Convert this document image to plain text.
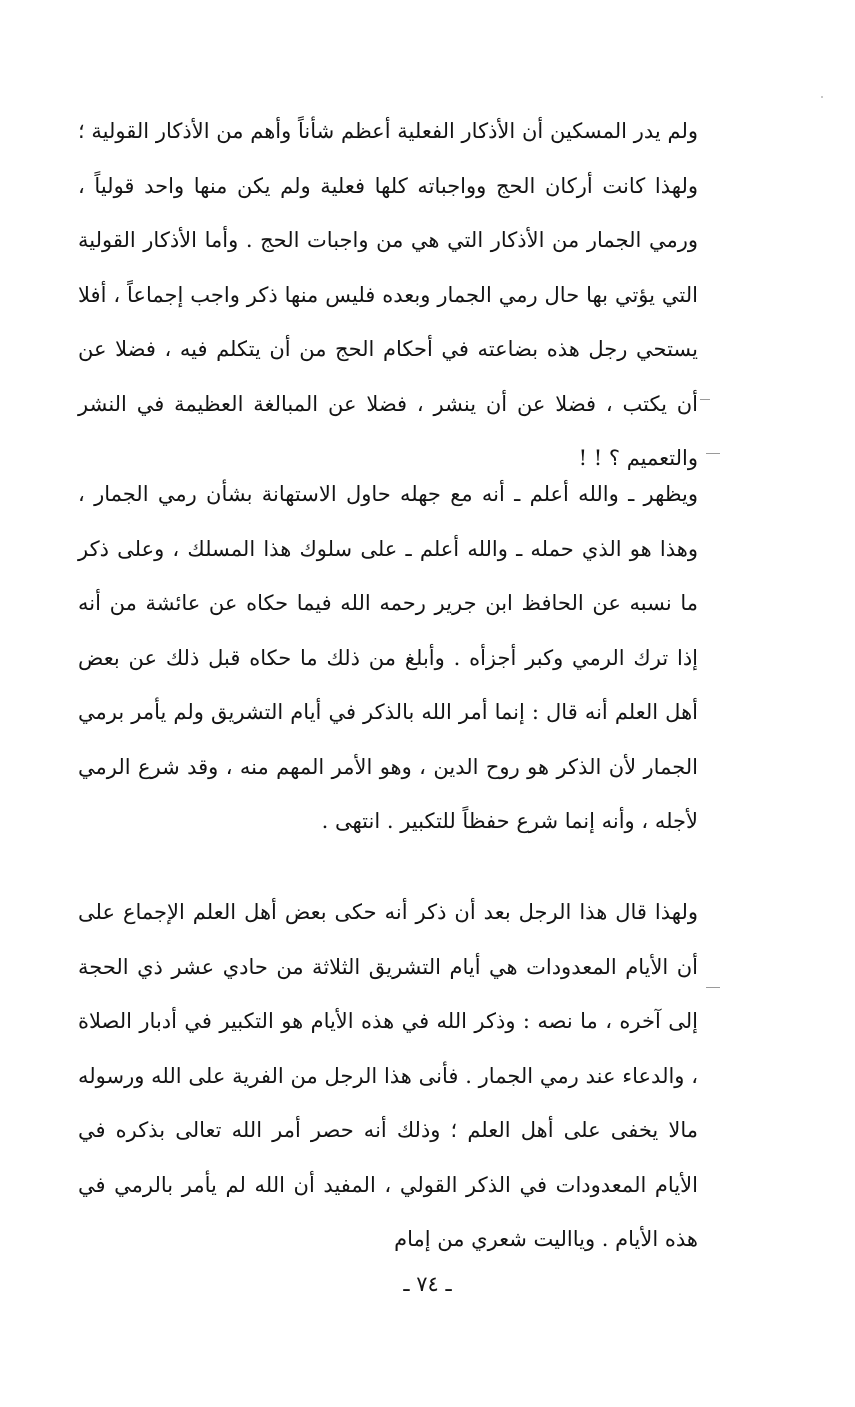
ولم يدر المسكين أن الأذكار الفعلية أعظم شأناً وأهم من الأذكار القولية ؛ ولهذا كانت أركان الحج وواجباته كلها فعلية ولم يكن منها واحد قولياً ، ورمي الجمار من الأذكار التي هي من واجبات الحج . وأما الأذكار القولية التي يؤتي بها حال رمي الجمار وبعده فليس منها ذكر واجب إجماعاً ، أفلا يستحي رجل هذه بضاعته في أحكام الحج من أن يتكلم فيه ، فضلا عن أن يكتب ، فضلا عن أن ينشر ، فضلا عن المبالغة العظيمة في النشر والتعميم ؟ ! !

ويظهر ـ والله أعلم ـ أنه مع جهله حاول الاستهانة بشأن رمي الجمار ، وهذا هو الذي حمله ـ والله أعلم ـ على سلوك هذا المسلك ، وعلى ذكر ما نسبه عن الحافظ ابن جرير رحمه الله فيما حكاه عن عائشة من أنه إذا ترك الرمي وكبر أجزأه . وأبلغ من ذلك ما حكاه قبل ذلك عن بعض أهل العلم أنه قال : إنما أمر الله بالذكر في أيام التشريق ولم يأمر برمي الجمار لأن الذكر هو روح الدين ، وهو الأمر المهم منه ، وقد شرع الرمي لأجله ، وأنه إنما شرع حفظاً للتكبير . انتهى .

ولهذا قال هذا الرجل بعد أن ذكر أنه حكى بعض أهل العلم الإجماع على أن الأيام المعدودات هي أيام التشريق الثلاثة من حادي عشر ذي الحجة إلى آخره ، ما نصه : وذكر الله في هذه الأيام هو التكبير في أدبار الصلاة ، والدعاء عند رمي الجمار . فأنى هذا الرجل من الفرية على الله ورسوله مالا يخفى على أهل العلم ؛ وذلك أنه حصر أمر الله تعالى بذكره في الأيام المعدودات في الذكر القولي ، المفيد أن الله لم يأمر بالرمي في هذه الأيام . ويااليت شعري من إمام

ـ ٧٤ ـ
